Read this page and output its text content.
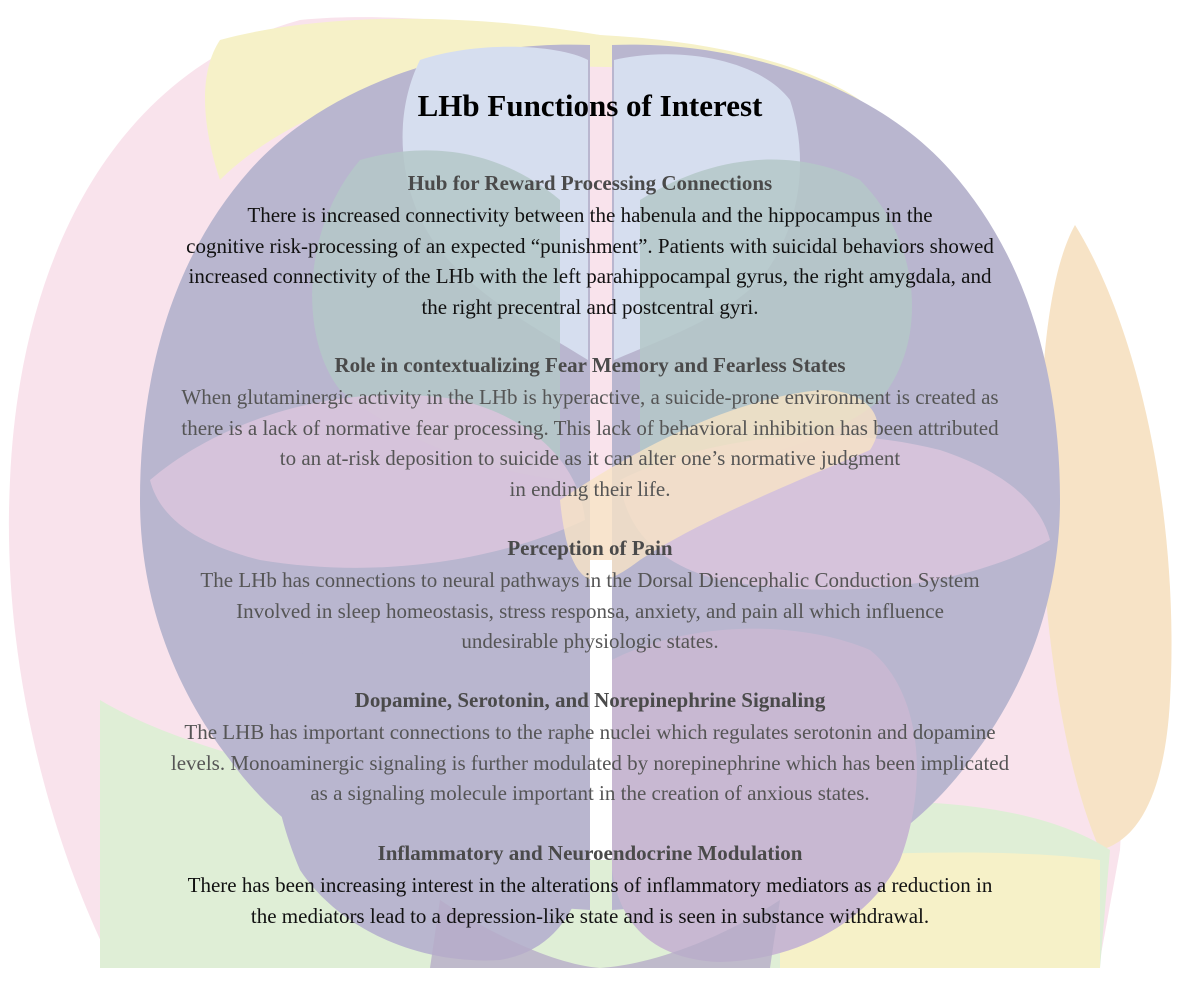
LHb Functions of Interest
Hub for Reward Processing Connections
There is increased connectivity between the habenula and the hippocampus in the
cognitive risk-processing of an expected “punishment”. Patients with suicidal behaviors showed
increased connectivity of the LHb with the left parahippocampal gyrus, the right amygdala, and
the right precentral and postcentral gyri.
Role in contextualizing Fear Memory and Fearless States
When glutaminergic activity in the LHb is hyperactive, a suicide-prone environment is created as
there is a lack of normative fear processing. This lack of behavioral inhibition has been attributed
to an at-risk deposition to suicide as it can alter one’s normative judgment
in ending their life.
Perception of Pain
The LHb has connections to neural pathways in the Dorsal Diencephalic Conduction System
Involved in sleep homeostasis, stress responsa, anxiety, and pain all which influence
undesirable physiologic states.
Dopamine, Serotonin, and Norepinephrine Signaling
The LHB has important connections to the raphe nuclei which regulates serotonin and dopamine
levels. Monoaminergic signaling is further modulated by norepinephrine which has been implicated
as a signaling molecule important in the creation of anxious states.
Inflammatory and Neuroendocrine Modulation
There has been increasing interest in the alterations of inflammatory mediators as a reduction in
the mediators lead to a depression-like state and is seen in substance withdrawal.
